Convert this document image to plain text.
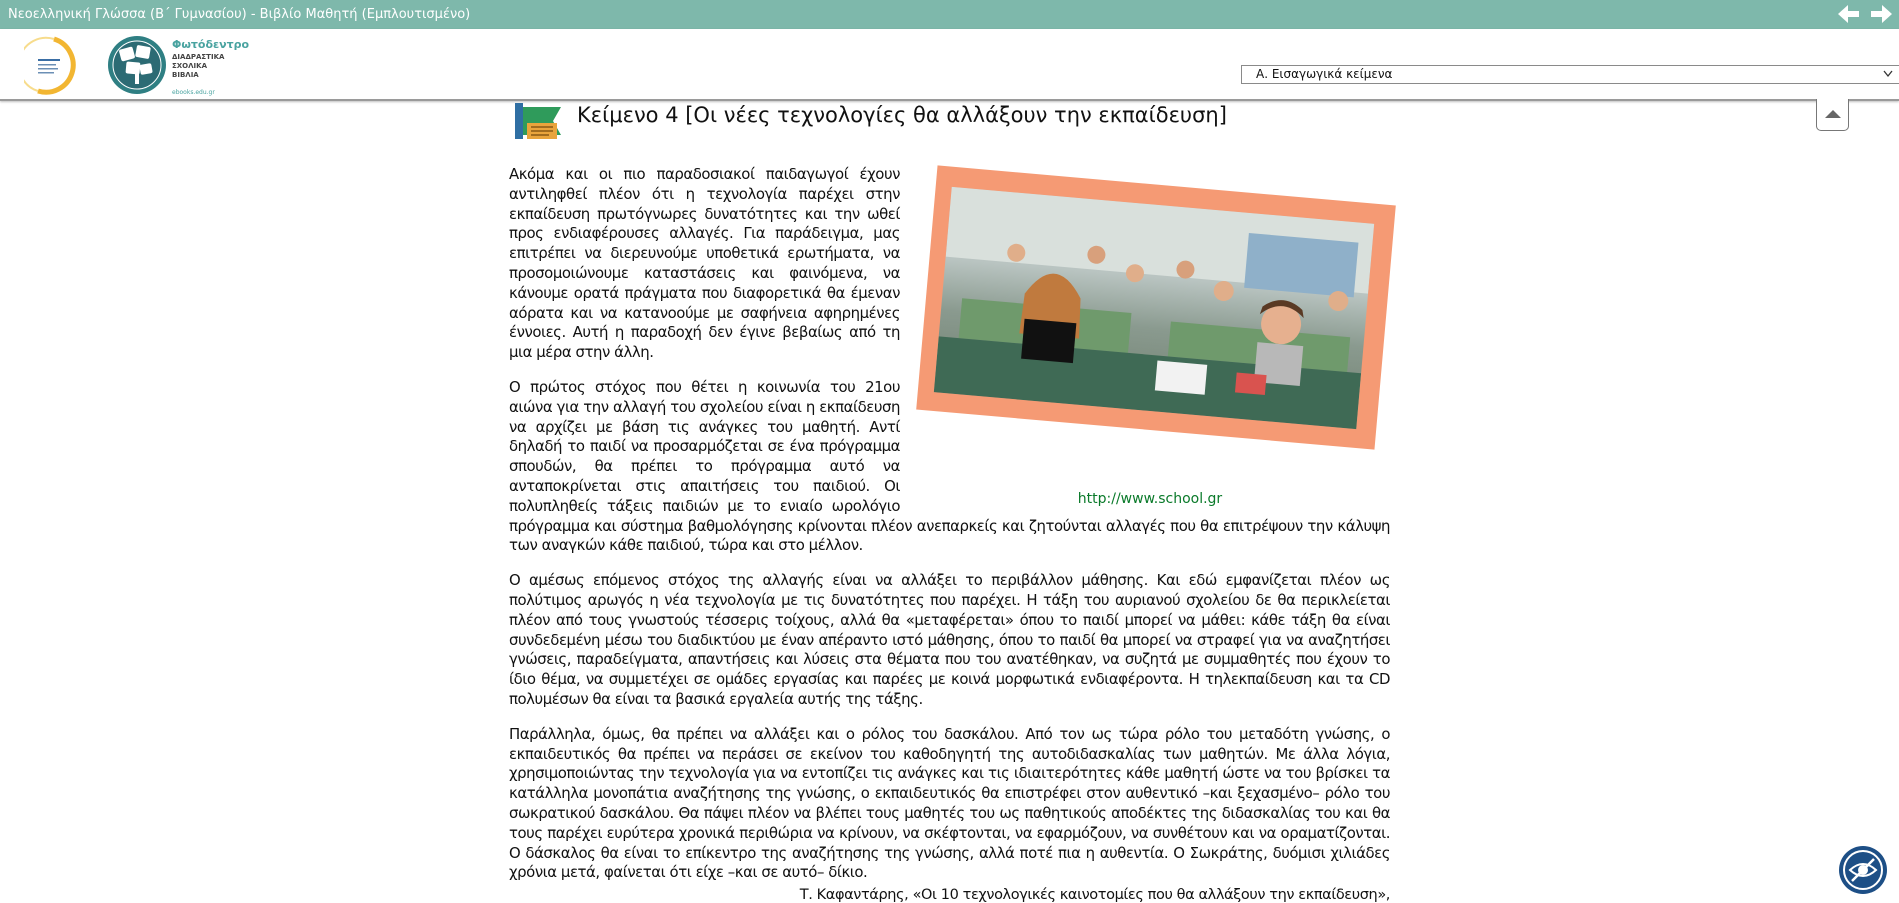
Νεοελληνική Γλώσσα (Β΄ Γυμνασίου) - Βιβλίο Μαθητή (Εμπλουτισμένο)
Φωτόδεντρο
ΔΙΑΔΡΑΣΤΙΚΑ
ΣΧΟΛΙΚΑ
ΒΙΒΛΙΑ
ebooks.edu.gr
Α. Εισαγωγικά κείμενα
Κείμενο 4 [Οι νέες τεχνολογίες θα αλλάξουν την εκπαίδευση]
http://www.school.gr

Ακόμα και οι πιο παραδοσιακοί παιδαγωγοί έχουν αντιληφθεί πλέον ότι η τεχνολογία παρέχει στην εκπαίδευση πρωτόγνωρες δυνατότητες και την ωθεί προς ενδιαφέρουσες αλλαγές. Για παράδειγμα, μας επιτρέπει να διερευνούμε υποθετικά ερωτήματα, να προσομοιώνουμε καταστάσεις και φαινόμενα, να κάνουμε ορατά πράγματα που διαφορετικά θα έμεναν αόρατα και να κατανοούμε με σαφήνεια αφηρημένες έννοιες. Αυτή η παραδοχή δεν έγινε βεβαίως από τη μια μέρα στην άλλη.

Ο πρώτος στόχος που θέτει η κοινωνία του 21ου αιώνα για την αλλαγή του σχολείου είναι η εκπαίδευση να αρχίζει με βάση τις ανάγκες του μαθητή. Αντί δηλαδή το παιδί να προσαρμόζεται σε ένα πρόγραμμα σπουδών, θα πρέπει το πρόγραμμα αυτό να ανταποκρίνεται στις απαιτήσεις του παιδιού. Οι πολυπληθείς τάξεις παιδιών με το ενιαίο ωρολόγιο πρόγραμμα και σύστημα βαθμολόγησης κρίνονται πλέον ανεπαρκείς και ζητούνται αλλαγές που θα επιτρέψουν την κάλυψη των αναγκών κάθε παιδιού, τώρα και στο μέλλον.

Ο αμέσως επόμενος στόχος της αλλαγής είναι να αλλάξει το περιβάλλον μάθησης. Και εδώ εμφανίζεται πλέον ως πολύτιμος αρωγός η νέα τεχνολογία με τις δυνατότητες που παρέχει. Η τάξη του αυριανού σχολείου δε θα περικλείεται πλέον από τους γνωστούς τέσσερις τοίχους, αλλά θα «μεταφέρεται» όπου το παιδί μπορεί να μάθει: κάθε τάξη θα είναι συνδεδεμένη μέσω του διαδικτύου με έναν απέραντο ιστό μάθησης, όπου το παιδί θα μπορεί να στραφεί για να αναζητήσει γνώσεις, παραδείγματα, απαντήσεις και λύσεις στα θέματα που του ανατέθηκαν, να συζητά με συμμαθητές που έχουν το ίδιο θέμα, να συμμετέχει σε ομάδες εργασίας και παρέες με κοινά μορφωτικά ενδιαφέροντα. Η τηλεκπαίδευση και τα CD πολυμέσων θα είναι τα βασικά εργαλεία αυτής της τάξης.

Παράλληλα, όμως, θα πρέπει να αλλάξει και ο ρόλος του δασκάλου. Από τον ως τώρα ρόλο του μεταδότη γνώσης, ο εκπαιδευτικός θα πρέπει να περάσει σε εκείνον του καθοδηγητή της αυτοδιδασκαλίας των μαθητών. Με άλλα λόγια, χρησιμοποιώντας την τεχνολογία για να εντοπίζει τις ανάγκες και τις ιδιαιτερότητες κάθε μαθητή ώστε να του βρίσκει τα κατάλληλα μονοπάτια αναζήτησης της γνώσης, ο εκπαιδευτικός θα επιστρέφει στον αυθεντικό –και ξεχασμένο– ρόλο του σωκρατικού δασκάλου. Θα πάψει πλέον να βλέπει τους μαθητές του ως παθητικούς αποδέκτες της διδασκαλίας του και θα τους παρέχει ευρύτερα χρονικά περιθώρια να κρίνουν, να σκέφτονται, να εφαρμόζουν, να συνθέτουν και να οραματίζονται. Ο δάσκαλος θα είναι το επίκεντρο της αναζήτησης της γνώσης, αλλά ποτέ πια η αυθεντία. Ο Σωκράτης, δυόμισι χιλιάδες χρόνια μετά, φαίνεται ότι είχε –και σε αυτό– δίκιο.

Τ. Καφαντάρης, «Οι 10 τεχνολογικές καινοτομίες που θα αλλάξουν την εκπαίδευση»,
